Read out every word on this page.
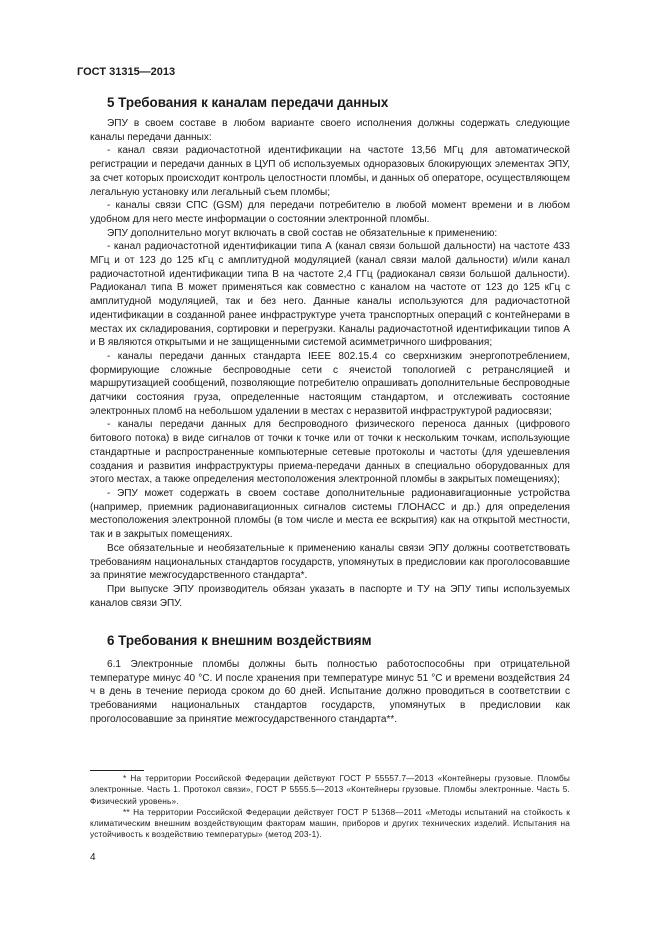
ГОСТ 31315—2013
5 Требования к каналам передачи данных

ЭПУ в своем составе в любом варианте своего исполнения должны содержать следующие каналы передачи данных:

- канал связи радиочастотной идентификации на частоте 13,56 МГц для автоматической регистрации и передачи данных в ЦУП об используемых одноразовых блокирующих элементах ЭПУ, за счет которых происходит контроль целостности пломбы, и данных об операторе, осуществляющем легальную установку или легальный съем пломбы;

- каналы связи СПС (GSM) для передачи потребителю в любой момент времени и в любом удобном для него месте информации о состоянии электронной пломбы.

ЭПУ дополнительно могут включать в свой состав не обязательные к применению:

- канал радиочастотной идентификации типа А (канал связи большой дальности) на частоте 433 МГц и от 123 до 125 кГц с амплитудной модуляцией (канал связи малой дальности) и/или канал радиочастотной идентификации типа В на частоте 2,4 ГГц (радиоканал связи большой дальности). Радиоканал типа В может применяться как совместно с каналом на частоте от 123 до 125 кГц с амплитудной модуляцией, так и без него. Данные каналы используются для радиочастотной идентификации в созданной ранее инфраструктуре учета транспортных операций с контейнерами в местах их складирования, сортировки и перегрузки. Каналы радиочастотной идентификации типов А и В являются открытыми и не защищенными системой асимметричного шифрования;

- каналы передачи данных стандарта IEEE 802.15.4 со сверхнизким энергопотреблением, формирующие сложные беспроводные сети с ячеистой топологией с ретрансляцией и маршрутизацией сообщений, позволяющие потребителю опрашивать дополнительные беспроводные датчики состояния груза, определенные настоящим стандартом, и отслеживать состояние электронных пломб на небольшом удалении в местах с неразвитой инфраструктурой радиосвязи;

- каналы передачи данных для беспроводного физического переноса данных (цифрового битового потока) в виде сигналов от точки к точке или от точки к нескольким точкам, использующие стандартные и распространенные компьютерные сетевые протоколы и частоты (для удешевления создания и развития инфраструктуры приема-передачи данных в специально оборудованных для этого местах, а также определения местоположения электронной пломбы в закрытых помещениях);

- ЭПУ может содержать в своем составе дополнительные радионавигационные устройства (например, приемник радионавигационных сигналов системы ГЛОНАСС и др.) для определения местоположения электронной пломбы (в том числе и места ее вскрытия) как на открытой местности, так и в закрытых помещениях.

Все обязательные и необязательные к применению каналы связи ЭПУ должны соответствовать требованиям национальных стандартов государств, упомянутых в предисловии как проголосовавшие за принятие межгосударственного стандарта*.

При выпуске ЭПУ производитель обязан указать в паспорте и ТУ на ЭПУ типы используемых каналов связи ЭПУ.

6 Требования к внешним воздействиям

6.1 Электронные пломбы должны быть полностью работоспособны при отрицательной температуре минус 40 °С. И после хранения при температуре минус 51 °С и времени воздействия 24 ч в день в течение периода сроком до 60 дней. Испытание должно проводиться в соответствии с требованиями национальных стандартов государств, упомянутых в предисловии как проголосовавшие за принятие межгосударственного стандарта**.

* На территории Российской Федерации действуют ГОСТ Р 55557.7—2013 «Контейнеры грузовые. Пломбы электронные. Часть 1. Протокол связи», ГОСТ Р 5555.5—2013 «Контейнеры грузовые. Пломбы электронные. Часть 5. Физический уровень».

** На территории Российской Федерации действует ГОСТ Р 51368—2011 «Методы испытаний на стойкость к климатическим внешним воздействующим факторам машин, приборов и других технических изделий. Испытания на устойчивость к воздействию температуры» (метод 203-1).

4
